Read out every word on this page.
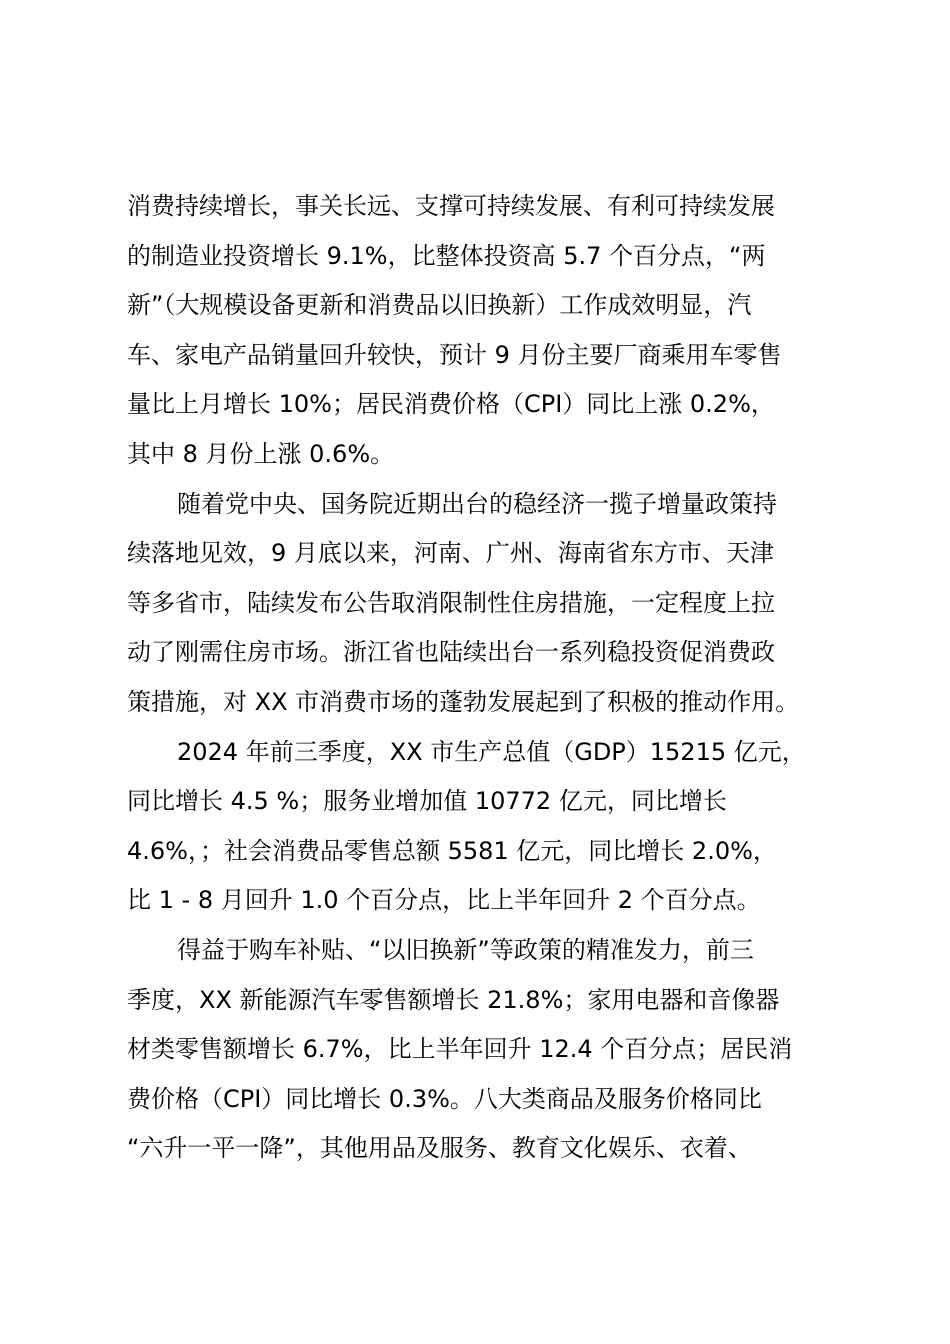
消费持续增长，事关长远、支撑可持续发展、有利可持续发展
的制造业投资增长 9.1%，比整体投资高 5.7 个百分点，“两
新”（大规模设备更新和消费品以旧换新）工作成效明显，汽
车、家电产品销量回升较快，预计 9 月份主要厂商乘用车零售
量比上月增长 10%；居民消费价格（CPI）同比上涨 0.2%，
其中 8 月份上涨 0.6%。
随着党中央、国务院近期出台的稳经济一揽子增量政策持
续落地见效，9 月底以来，河南、广州、海南省东方市、天津
等多省市，陆续发布公告取消限制性住房措施，一定程度上拉
动了刚需住房市场。浙江省也陆续出台一系列稳投资促消费政
策措施，对 XX 市消费市场的蓬勃发展起到了积极的推动作用。
2024 年前三季度，XX 市生产总值（GDP）15215 亿元，
同比增长 4.5 %；服务业增加值 10772 亿元，同比增长
4.6%，；社会消费品零售总额 5581 亿元，同比增长 2.0%，
比 1 - 8 月回升 1.0 个百分点，比上半年回升 2 个百分点。
得益于购车补贴、“以旧换新”等政策的精准发力，前三
季度，XX 新能源汽车零售额增长 21.8%；家用电器和音像器
材类零售额增长 6.7%，比上半年回升 12.4 个百分点；居民消
费价格（CPI）同比增长 0.3%。八大类商品及服务价格同比
“六升一平一降”，其他用品及服务、教育文化娱乐、衣着、
